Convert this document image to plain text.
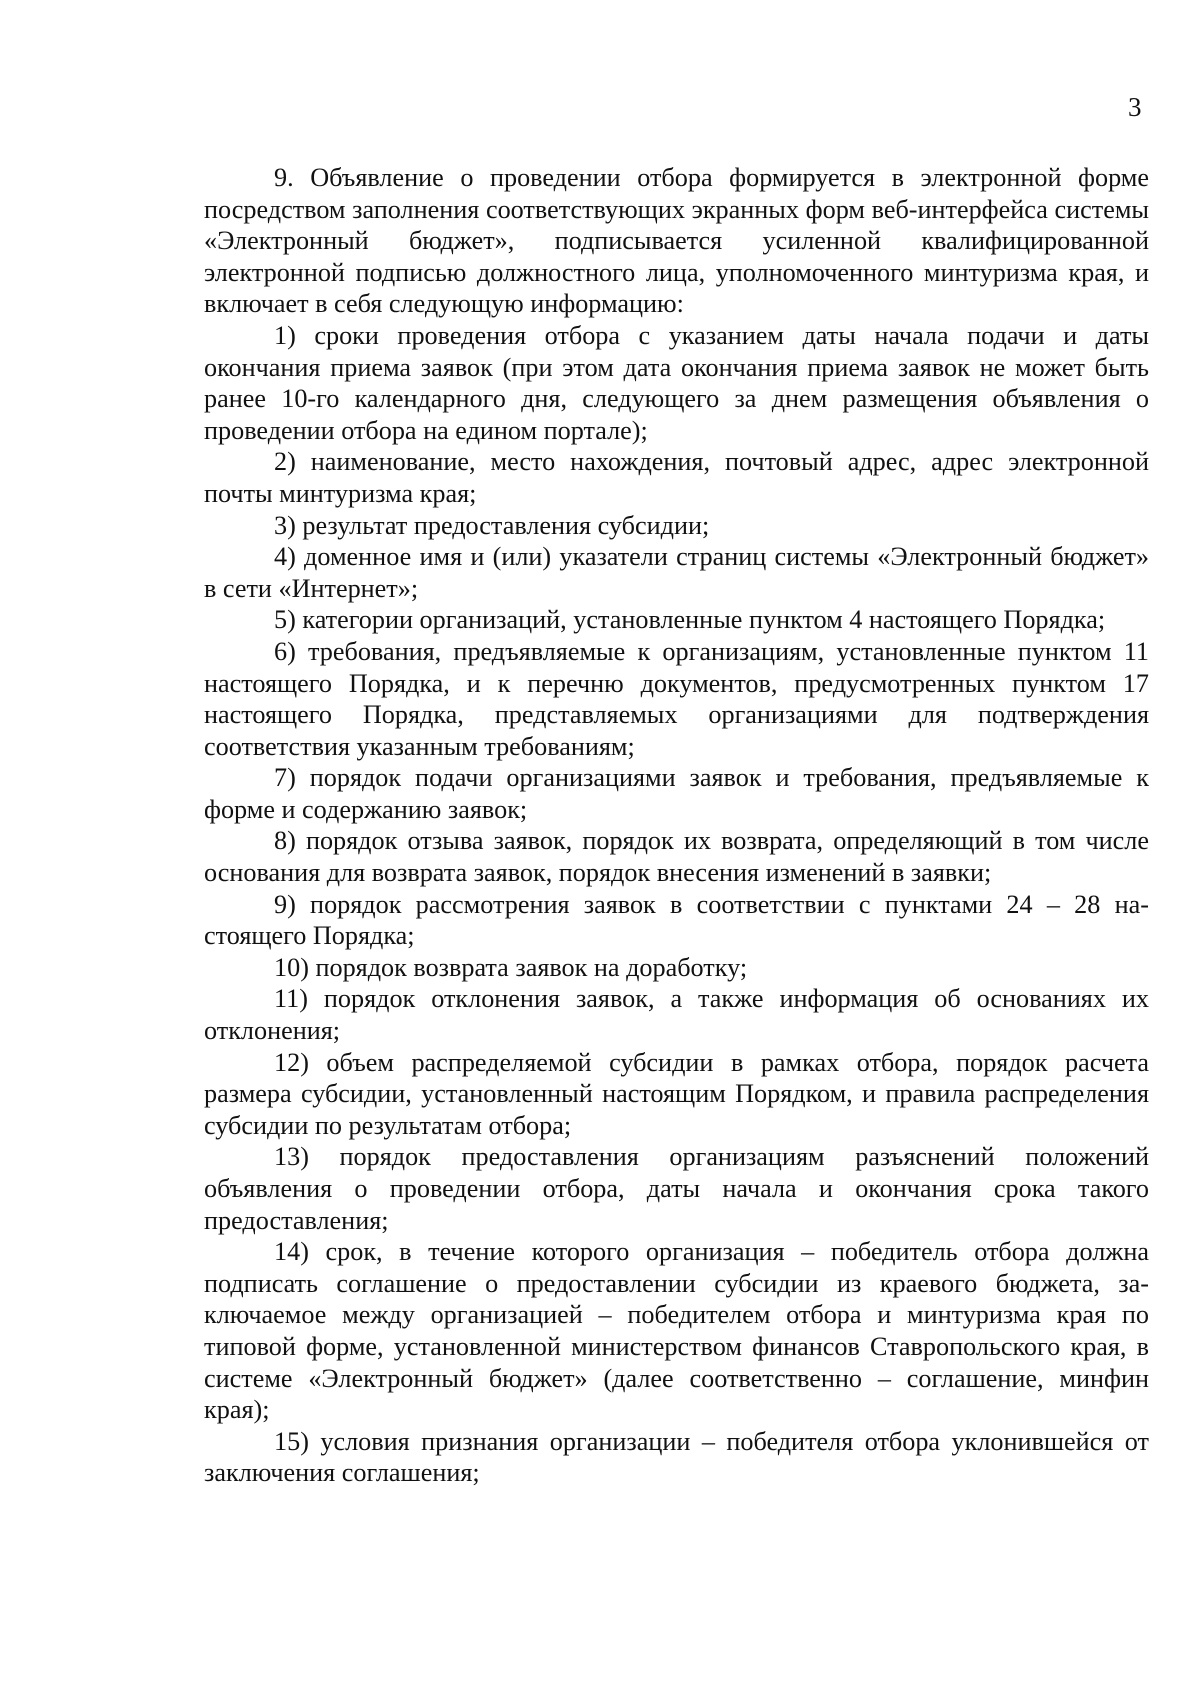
3

9. Объявление о проведении отбора формируется в электронной форме посредством заполнения соответствующих экранных форм веб-интерфейса системы «Электронный бюджет», подписывается усиленной квалифицированной электронной подписью должностного лица, уполномоченного минтуризма края, и включает в себя следующую информацию:

1) сроки проведения отбора с указанием даты начала подачи и даты окончания приема заявок (при этом дата окончания приема заявок не может быть ранее 10-го календарного дня, следующего за днем размещения объявления о проведении отбора на едином портале);

2) наименование, место нахождения, почтовый адрес, адрес электронной почты минтуризма края;

3) результат предоставления субсидии;

4) доменное имя и (или) указатели страниц системы «Электронный бюджет» в сети «Интернет»;

5) категории организаций, установленные пунктом 4 настоящего Порядка;

6) требования, предъявляемые к организациям, установленные пунктом 11 настоящего Порядка, и к перечню документов, предусмотренных пунктом 17 настоящего Порядка, представляемых организациями для подтверждения соответствия указанным требованиям;

7) порядок подачи организациями заявок и требования, предъявляемые к форме и содержанию заявок;

8) порядок отзыва заявок, порядок их возврата, определяющий в том числе основания для возврата заявок, порядок внесения изменений в заявки;

9) порядок рассмотрения заявок в соответствии с пунктами 24 – 28 настоящего Порядка;

10) порядок возврата заявок на доработку;

11) порядок отклонения заявок, а также информация об основаниях их отклонения;

12) объем распределяемой субсидии в рамках отбора, порядок расчета размера субсидии, установленный настоящим Порядком, и правила распределения субсидии по результатам отбора;

13) порядок предоставления организациям разъяснений положений объявления о проведении отбора, даты начала и окончания срока такого предоставления;

14) срок, в течение которого организация – победитель отбора должна подписать соглашение о предоставлении субсидии из краевого бюджета, заключаемое между организацией – победителем отбора и минтуризма края по типовой форме, установленной министерством финансов Ставропольского края, в системе «Электронный бюджет» (далее соответственно – соглашение, минфин края);

15) условия признания организации – победителя отбора уклонившейся от заключения соглашения;
